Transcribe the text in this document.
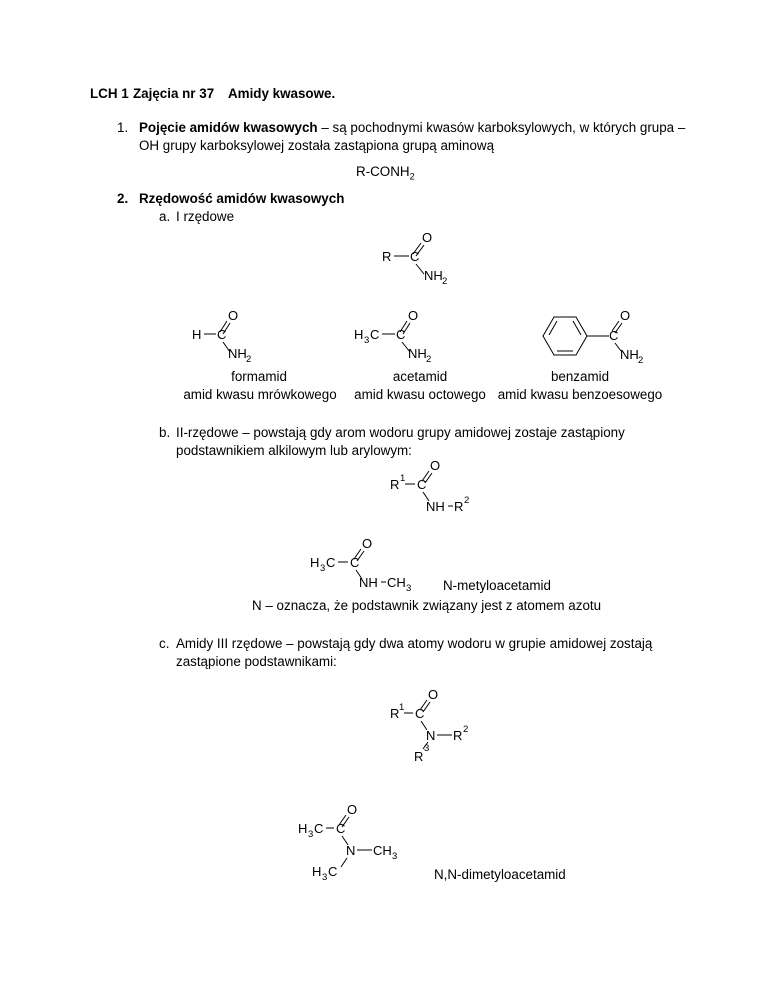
LCH 1 Zajęcia nr 37 Amidy kwasowe.
1. Pojęcie amidów kwasowych – są pochodnymi kwasów karboksylowych, w których grupa –
OH grupy karboksylowej została zastąpiona grupą aminową
$R-CONH_2$
2. Rzędowość amidów kwasowych
a. I rzędowe
O
R C
NH 2
O
H C
NH 2
O
H 3 C C
NH 2
O
C
NH 2
formamid
amid kwasu mrówkowego
acetamid
amid kwasu octowego
benzamid
amid kwasu benzoesowego
b. II-rzędowe – powstają gdy arom wodoru grupy amidowej zostaje zastąpiony
podstawnikiem alkilowym lub arylowym:
O
R 1 C
NH R 2
O
H 3 C C
NH CH 3 N-metyloacetamid
N – oznacza, że podstawnik związany jest z atomem azotu
c. Amidy III rzędowe – powstają gdy dwa atomy wodoru w grupie amidowej zostają
zastąpione podstawnikami:
O
R 1 C
N R 2
3
R
O
H 3 C C
N CH 3
H 3 C	N,N-dimetyloacetamid
